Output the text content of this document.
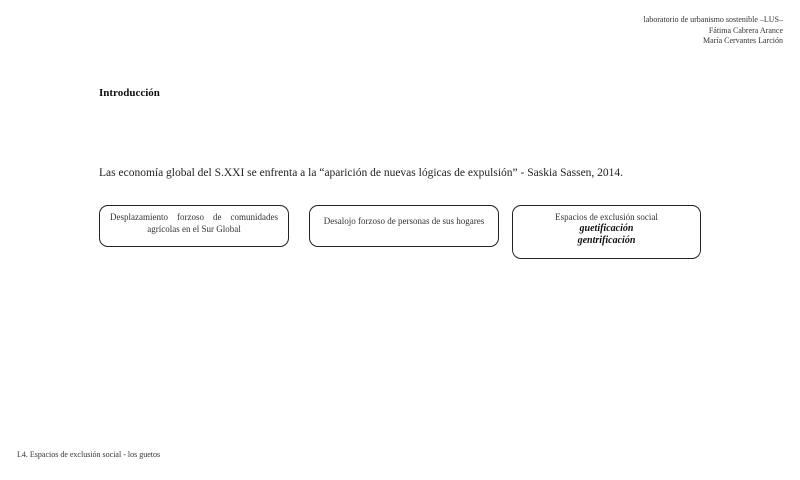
laboratorio de urbanismo sostenible –LUS–
Fátima Cabrera Arance
María Cervantes Larción
Introducción
Las economía global del S.XXI se enfrenta a la “aparición de nuevas lógicas de expulsión” - Saskia Sassen, 2014.
Desplazamiento forzoso de comunidades agrícolas en el Sur Global
Desalojo forzoso de personas de sus hogares	Espacios de exclusión social
guetificación
gentrificación
L4. Espacios de exclusión social - los guetos
